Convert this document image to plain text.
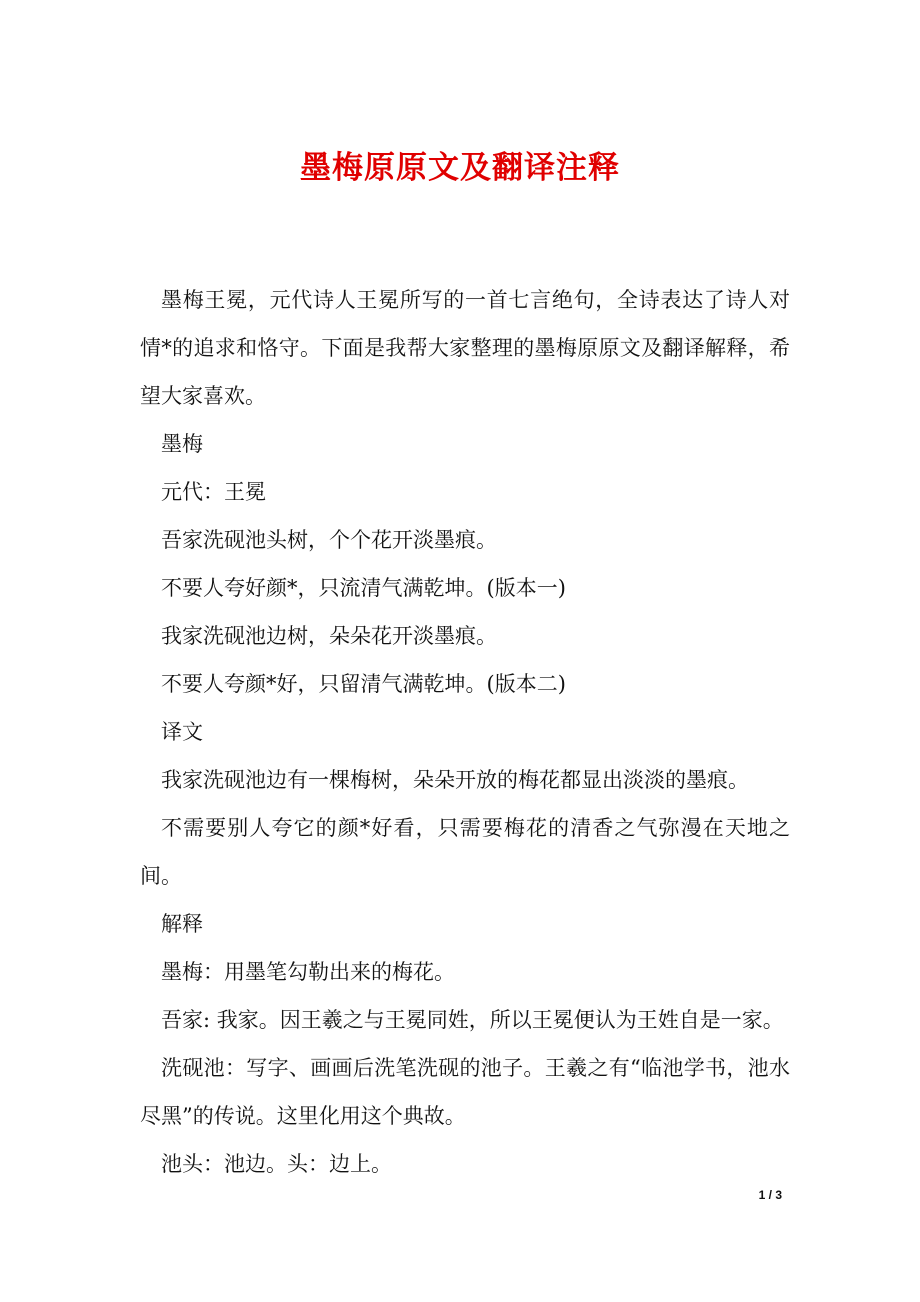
墨梅原原文及翻译注释

墨梅王冕，元代诗人王冕所写的一首七言绝句，全诗表达了诗人对情*的追求和恪守。下面是我帮大家整理的墨梅原原文及翻译解释，希望大家喜欢。

墨梅

元代：王冕

吾家洗砚池头树，个个花开淡墨痕。

不要人夸好颜*，只流清气满乾坤。(版本一)

我家洗砚池边树，朵朵花开淡墨痕。

不要人夸颜*好，只留清气满乾坤。(版本二)

译文

我家洗砚池边有一棵梅树，朵朵开放的梅花都显出淡淡的墨痕。

不需要别人夸它的颜*好看，只需要梅花的清香之气弥漫在天地之间。

解释

墨梅：用墨笔勾勒出来的梅花。

吾家: 我家。因王羲之与王冕同姓，所以王冕便认为王姓自是一家。

洗砚池：写字、画画后洗笔洗砚的池子。王羲之有“临池学书，池水尽黑”的传说。这里化用这个典故。

池头：池边。头：边上。

1 / 3
